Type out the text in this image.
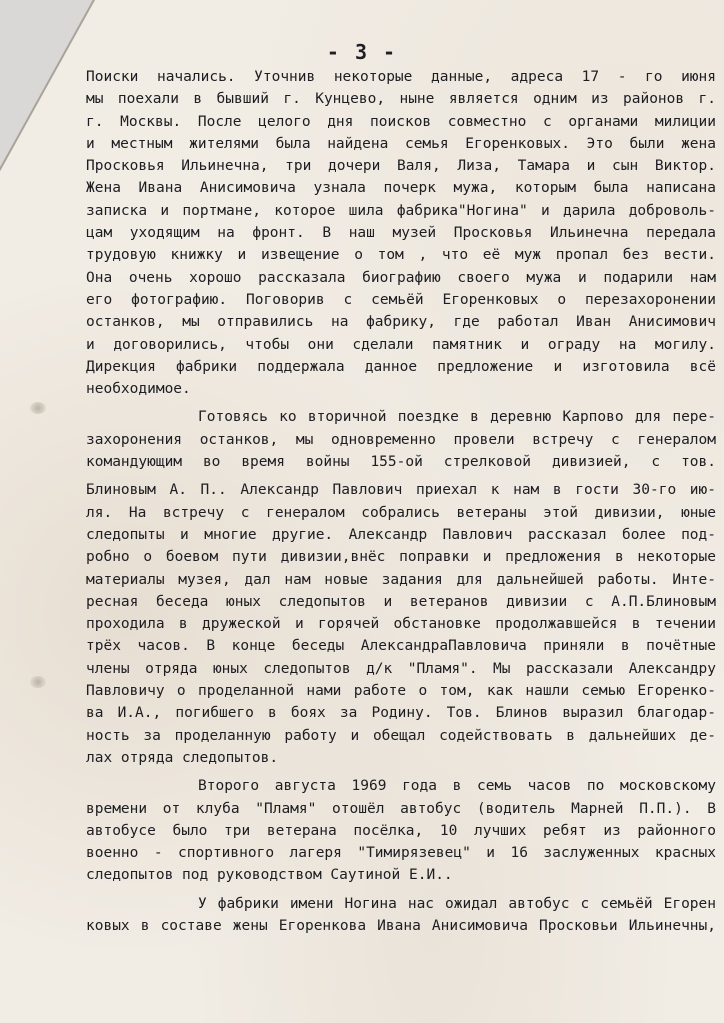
- 3 -
Поиски начались. Уточнив некоторые данные, адреса 17 - го июня
мы поехали в бывший г. Кунцево, ныне является одним из районов г.
г. Москвы. После целого дня поисков совместно с органами милиции
и местным жителями была найдена семья Егоренковых. Это были жена
Просковья Ильинечна, три дочери Валя, Лиза, Тамара и сын Виктор.
Жена Ивана Анисимовича узнала почерк мужа, которым была написана
записка и портмане, которое шила фабрика"Ногина" и дарила доброволь-
цам уходящим на фронт. В наш музей Просковья Ильинечна передала
трудовую книжку и извещение о том , что её муж пропал без вести.
Она очень хорошо рассказала биографию своего мужа и подарили нам
его фотографию. Поговорив с семьёй Егоренковых о перезахоронении
останков, мы отправились на фабрику, где работал Иван Анисимович
и договорились, чтобы они сделали памятник и ограду на могилу.
Дирекция фабрики поддержала данное предложение и изготовила всё
необходимое.
Готовясь ко вторичной поездке в деревню Карпово для пере-
захоронения останков, мы одновременно провели встречу с генералом
командующим во время войны 155-ой стрелковой дивизией, с тов.
Блиновым А. П.. Александр Павлович приехал к нам в гости 30-го ию-
ля. На встречу с генералом собрались ветераны этой дивизии, юные
следопыты и многие другие. Александр Павлович рассказал более под-
робно о боевом пути дивизии,внёс поправки и предложения в некоторые
материалы музея, дал нам новые задания для дальнейшей работы. Инте-
ресная беседа юных следопытов и ветеранов дивизии с А.П.Блиновым
проходила в дружеской и горячей обстановке продолжавшейся в течении
трёх часов. В конце беседы АлександраПавловича приняли в почётные
члены отряда юных следопытов д/к "Пламя". Мы рассказали Александру
Павловичу о проделанной нами работе о том, как нашли семью Егоренко-
ва И.А., погибшего в боях за Родину. Тов. Блинов выразил благодар-
ность за проделанную работу и обещал содействовать в дальнейших де-
лах отряда следопытов.
Второго августа 1969 года в семь часов по московскому
времени от клуба "Пламя" отошёл автобус (водитель Марней П.П.). В
автобусе было три ветерана посёлка, 10 лучших ребят из районного
военно - спортивного лагеря "Тимирязевец" и 16 заслуженных красных
следопытов под руководством Саутиной Е.И..
У фабрики имени Ногина нас ожидал автобус с семьёй Егорен
ковых в составе жены Егоренкова Ивана Анисимовича Просковьи Ильинечны,
